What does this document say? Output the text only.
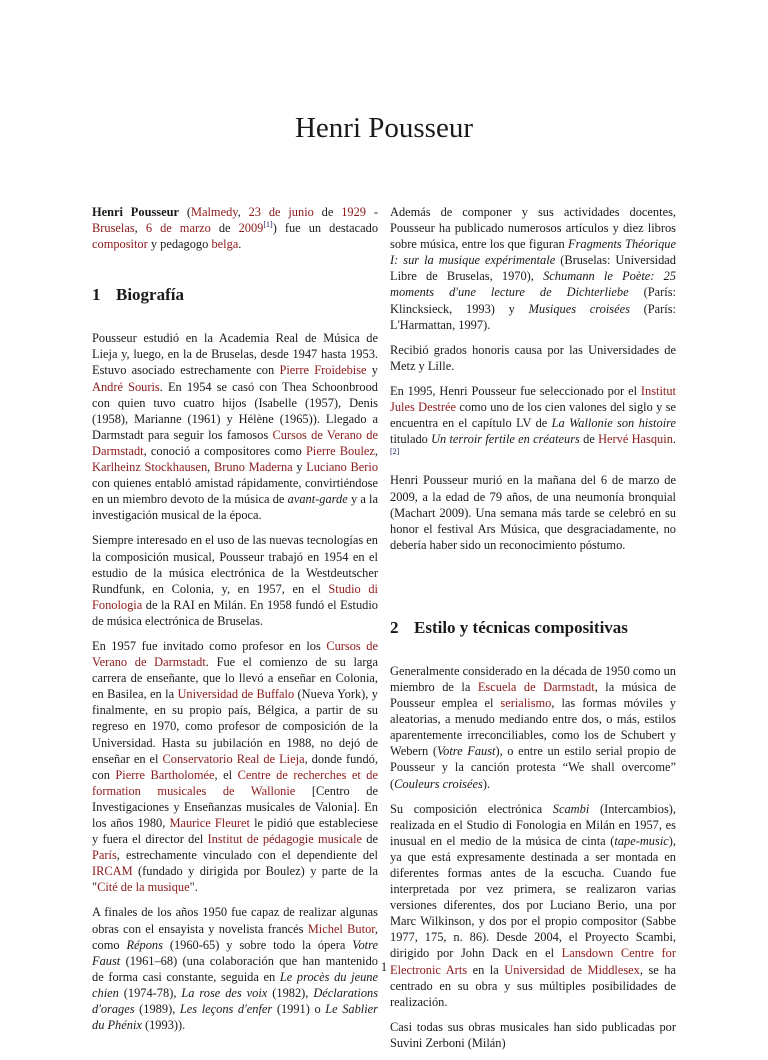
Henri Pousseur

Henri Pousseur (Malmedy, 23 de junio de 1929 - Bruselas, 6 de marzo de 2009[1]) fue un destacado compositor y pedagogo belga.

1 Biografía

Pousseur estudió en la Academia Real de Música de Lieja y, luego, en la de Bruselas, desde 1947 hasta 1953. Estuvo asociado estrechamente con Pierre Froidebise y André Souris. En 1954 se casó con Thea Schoonbrood con quien tuvo cuatro hijos (Isabelle (1957), Denis (1958), Marianne (1961) y Hélène (1965)). Llegado a Darmstadt para seguir los famosos Cursos de Verano de Darmstadt, conoció a compositores como Pierre Boulez, Karlheinz Stockhausen, Bruno Maderna y Luciano Berio con quienes entabló amistad rápidamente, convirtiéndose en un miembro devoto de la música de avant-garde y a la investigación musical de la época.

Siempre interesado en el uso de las nuevas tecnologías en la composición musical, Pousseur trabajó en 1954 en el estudio de la música electrónica de la Westdeutscher Rundfunk, en Colonia, y, en 1957, en el Studio di Fonologia de la RAI en Milán. En 1958 fundó el Estudio de música electrónica de Bruselas.

En 1957 fue invitado como profesor en los Cursos de Verano de Darmstadt. Fue el comienzo de su larga carrera de enseñante, que lo llevó a enseñar en Colonia, en Basilea, en la Universidad de Buffalo (Nueva York), y finalmente, en su propio país, Bélgica, a partir de su regreso en 1970, como profesor de composición de la Universidad. Hasta su jubilación en 1988, no dejó de enseñar en el Conservatorio Real de Lieja, donde fundó, con Pierre Bartholomée, el Centre de recherches et de formation musicales de Wallonie [Centro de Investigaciones y Enseñanzas musicales de Valonia]. En los años 1980, Maurice Fleuret le pidió que estableciese y fuera el director del Institut de pédagogie musicale de París, estrechamente vinculado con el dependiente del IRCAM (fundado y dirigida por Boulez) y parte de la "Cité de la musique".

A finales de los años 1950 fue capaz de realizar algunas obras con el ensayista y novelista francés Michel Butor, como Répons (1960-65) y sobre todo la ópera Votre Faust (1961–68) (una colaboración que han mantenido de forma casi constante, seguida en Le procès du jeune chien (1974-78), La rose des voix (1982), Déclarations d'orages (1989), Les leçons d'enfer (1991) o Le Sablier du Phénix (1993)).

Además de componer y sus actividades docentes, Pousseur ha publicado numerosos artículos y diez libros sobre música, entre los que figuran Fragments Théorique I: sur la musique expérimentale (Bruselas: Universidad Libre de Bruselas, 1970), Schumann le Poète: 25 moments d'une lecture de Dichterliebe (París: Klincksieck, 1993) y Musiques croisées (París: L'Harmattan, 1997).

Recibió grados honoris causa por las Universidades de Metz y Lille.

En 1995, Henri Pousseur fue seleccionado por el Institut Jules Destrée como uno de los cien valones del siglo y se encuentra en el capítulo LV de La Wallonie son histoire titulado Un terroir fertile en créateurs de Hervé Hasquin.[2]

Henri Pousseur murió en la mañana del 6 de marzo de 2009, a la edad de 79 años, de una neumonía bronquial (Machart 2009). Una semana más tarde se celebró en su honor el festival Ars Música, que desgraciadamente, no debería haber sido un reconocimiento póstumo.

2 Estilo y técnicas compositivas

Generalmente considerado en la década de 1950 como un miembro de la Escuela de Darmstadt, la música de Pousseur emplea el serialismo, las formas móviles y aleatorias, a menudo mediando entre dos, o más, estilos aparentemente irreconciliables, como los de Schubert y Webern (Votre Faust), o entre un estilo serial propio de Pousseur y la canción protesta “We shall overcome” (Couleurs croisées).

Su composición electrónica Scambi (Intercambios), realizada en el Studio di Fonologia en Milán en 1957, es inusual en el medio de la música de cinta (tape-music), ya que está expresamente destinada a ser montada en diferentes formas antes de la escucha. Cuando fue interpretada por vez primera, se realizaron varias versiones diferentes, dos por Luciano Berio, una por Marc Wilkinson, y dos por el propio compositor (Sabbe 1977, 175, n. 86). Desde 2004, el Proyecto Scambi, dirigido por John Dack en el Lansdown Centre for Electronic Arts en la Universidad de Middlesex, se ha centrado en su obra y sus múltiples posibilidades de realización.

Casi todas sus obras musicales han sido publicadas por Suvini Zerboni (Milán)

1
